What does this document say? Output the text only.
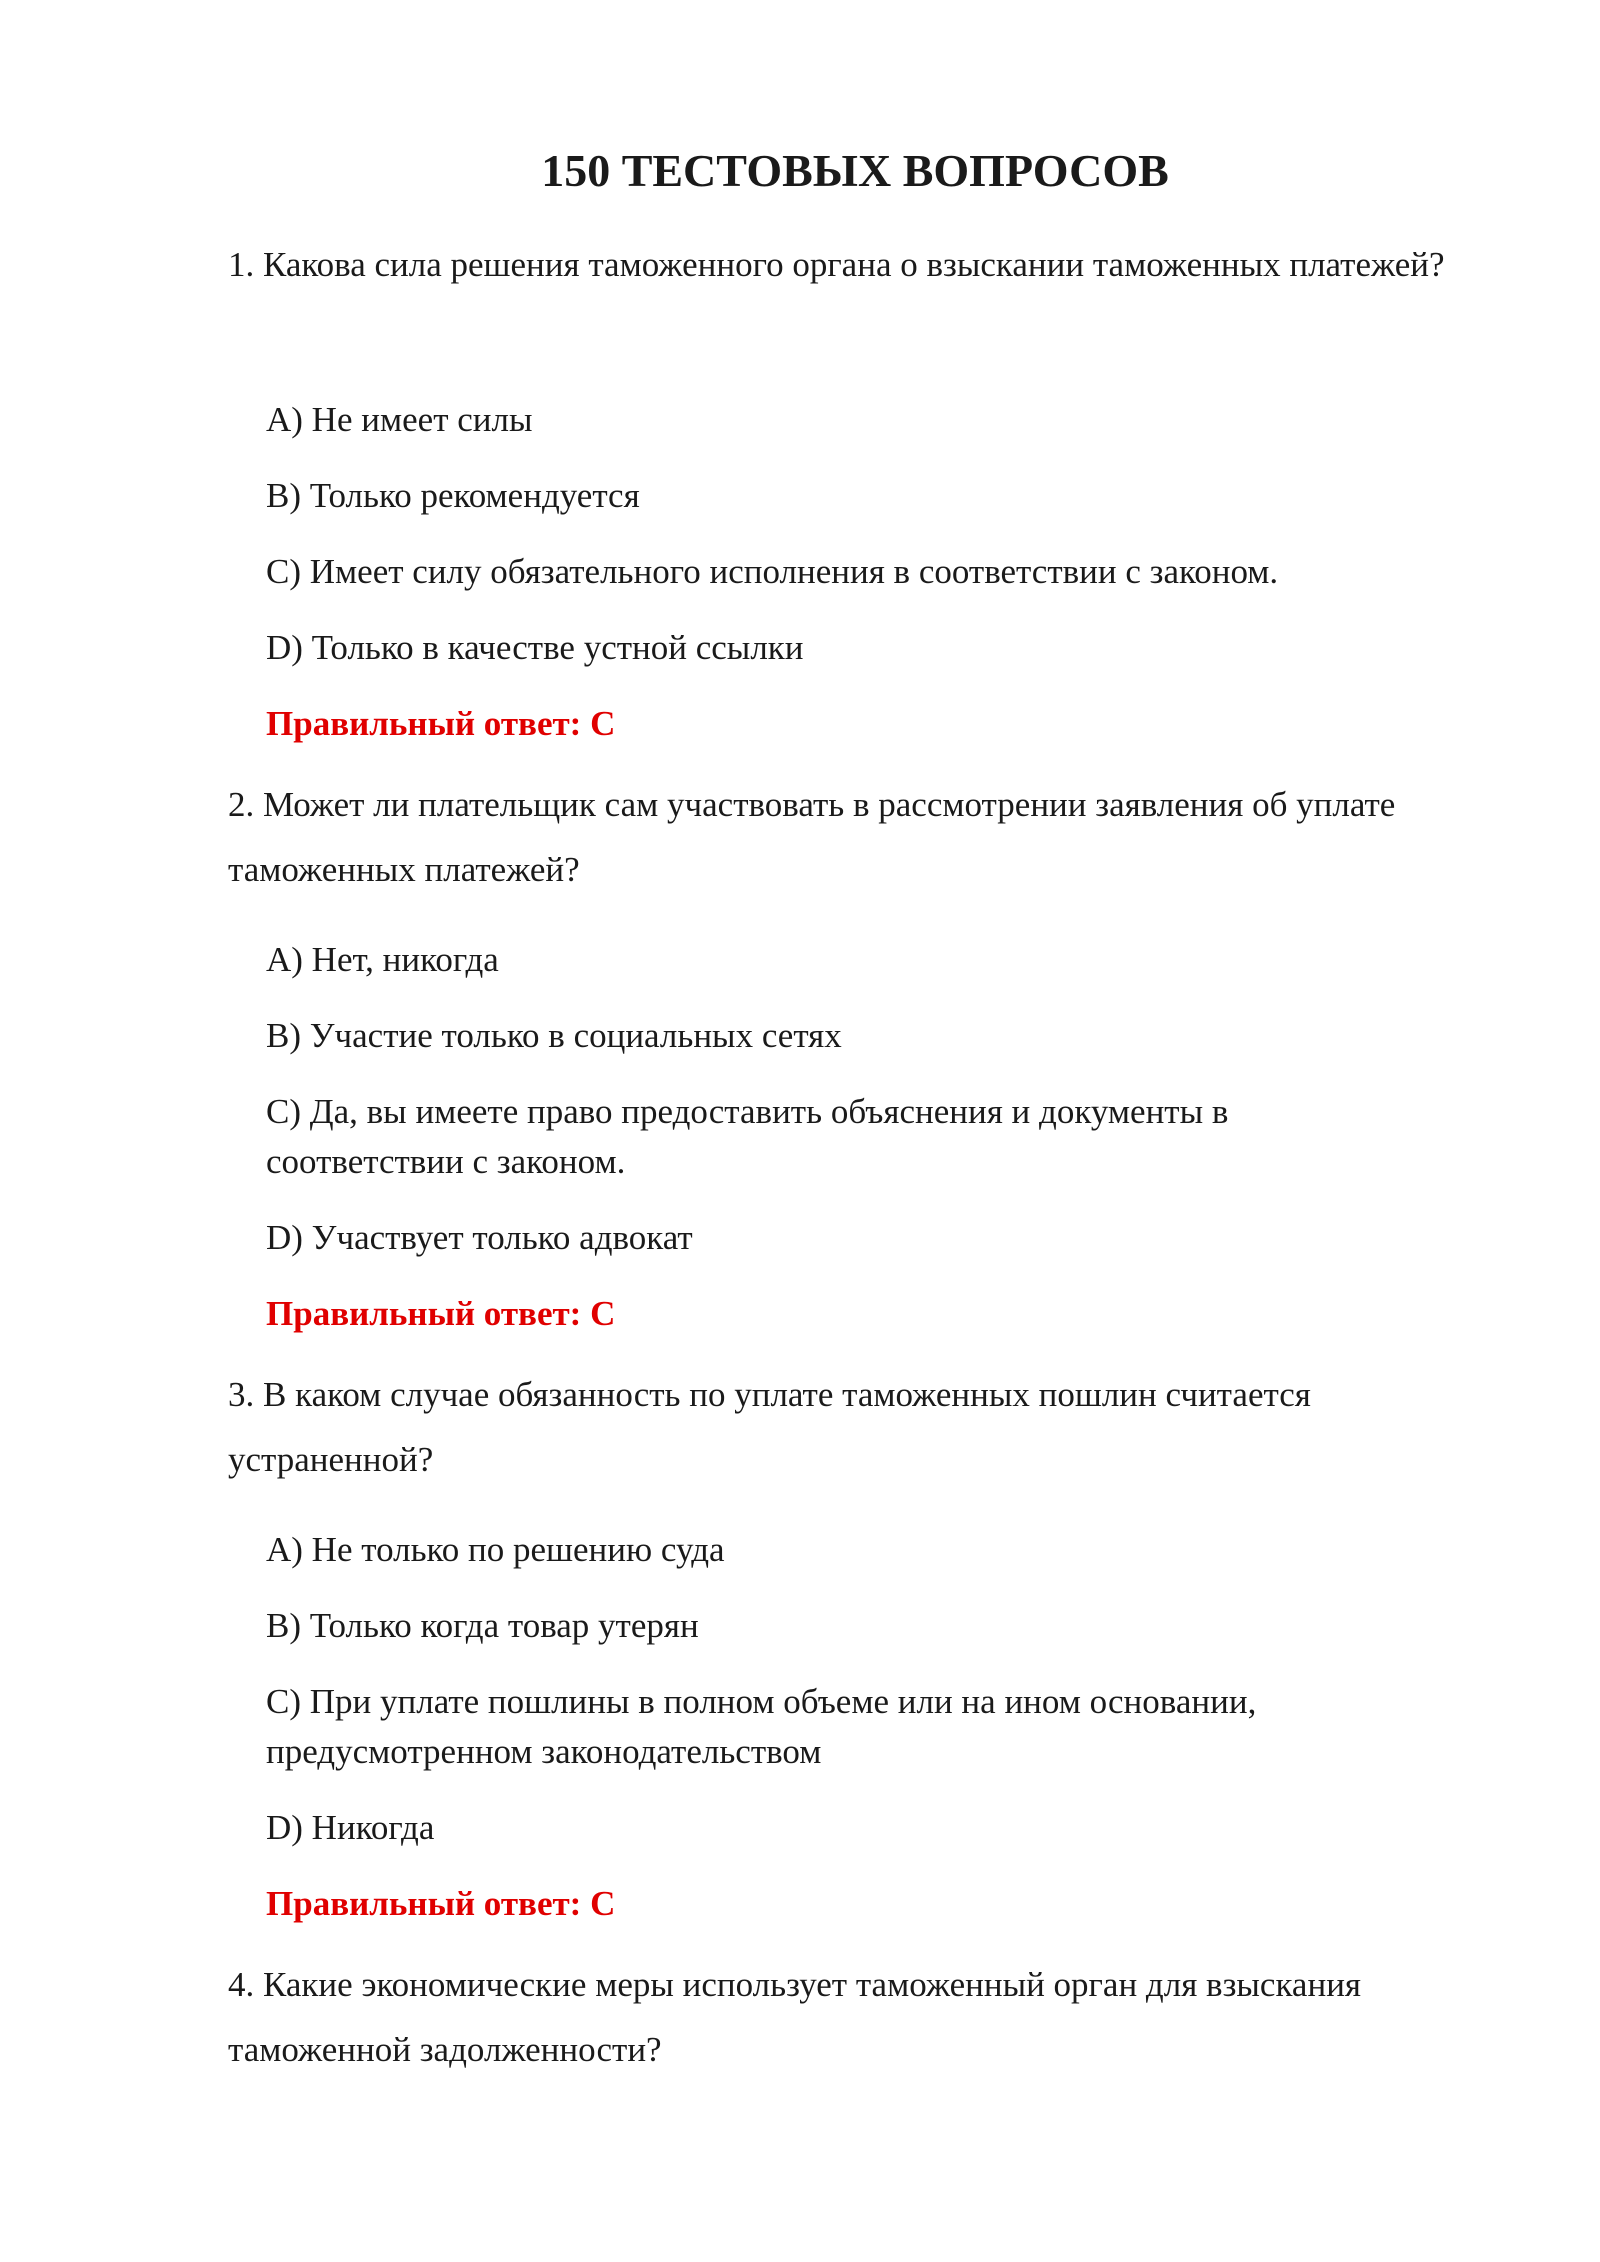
150 ТЕСТОВЫХ ВОПРОСОВ

1. Какова сила решения таможенного органа о взыскании таможенных платежей?

A) Не имеет силы

B) Только рекомендуется

C) Имеет силу обязательного исполнения в соответствии с законом.

D) Только в качестве устной ссылки

Правильный ответ: C

2. Может ли плательщик сам участвовать в рассмотрении заявления об уплате таможенных платежей?

A) Нет, никогда

B) Участие только в социальных сетях

C) Да, вы имеете право предоставить объяснения и документы в соответствии с законом.

D) Участвует только адвокат

Правильный ответ: C

3. В каком случае обязанность по уплате таможенных пошлин считается устраненной?

A) Не только по решению суда

B) Только когда товар утерян

C) При уплате пошлины в полном объеме или на ином основании, предусмотренном законодательством

D) Никогда

Правильный ответ: C

4. Какие экономические меры использует таможенный орган для взыскания таможенной задолженности?
